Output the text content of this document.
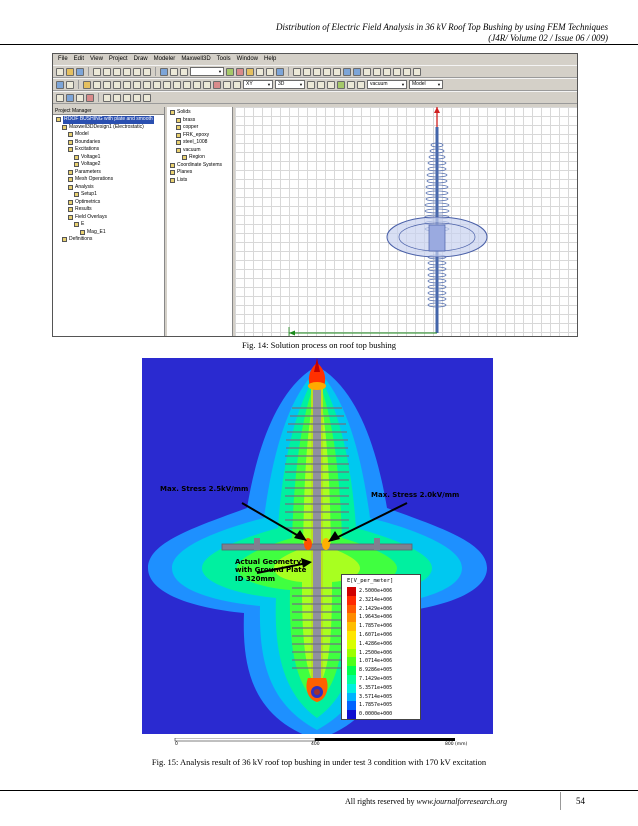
Distribution of Electric Field Analysis in 36 kV Roof Top Bushing by using FEM Techniques
(J4R/ Volume 02 / Issue 06 / 009)
File	Edit	View	Project	Draw	Modeler	Maxwell3D	Tools	Window	Help
▼
XY ▼	3D ▼	vacuum ▼	Model ▼
Project Manager
ROOF BUSHING with plate and smooth
Maxwell3DDesign1 (Electrostatic)
Model
Boundaries
Excitations
Voltage1
Voltage2
Parameters
Mesh Operations
Analysis
Setup1
Optimetrics
Results
Field Overlays
E
Mag_E1
Definitions
Solids
brass
copper
FRK_epoxy
steel_1008
vacuum
Region
Coordinate Systems
Planes
Lists
Fig. 14: Solution process on roof top bushing
Max. Stress 2.5kV/mm
Max. Stress 2.0kV/mm
Actual Geometry
with Ground Plate
ID 320mm	E[V_per_meter]
2.5000e+006
2.3214e+006
2.1429e+006
1.9643e+006
1.7857e+006
1.6071e+006
1.4286e+006
1.2500e+006
1.0714e+006
8.9286e+005
7.1429e+005
5.3571e+005
3.5714e+005
1.7857e+005
0.0000e+000
0	400	800 (mm)
Fig. 15: Analysis result of 36 kV roof top bushing in under test 3 condition with 170 kV excitation
All rights reserved by www.journalforresearch.org	54
